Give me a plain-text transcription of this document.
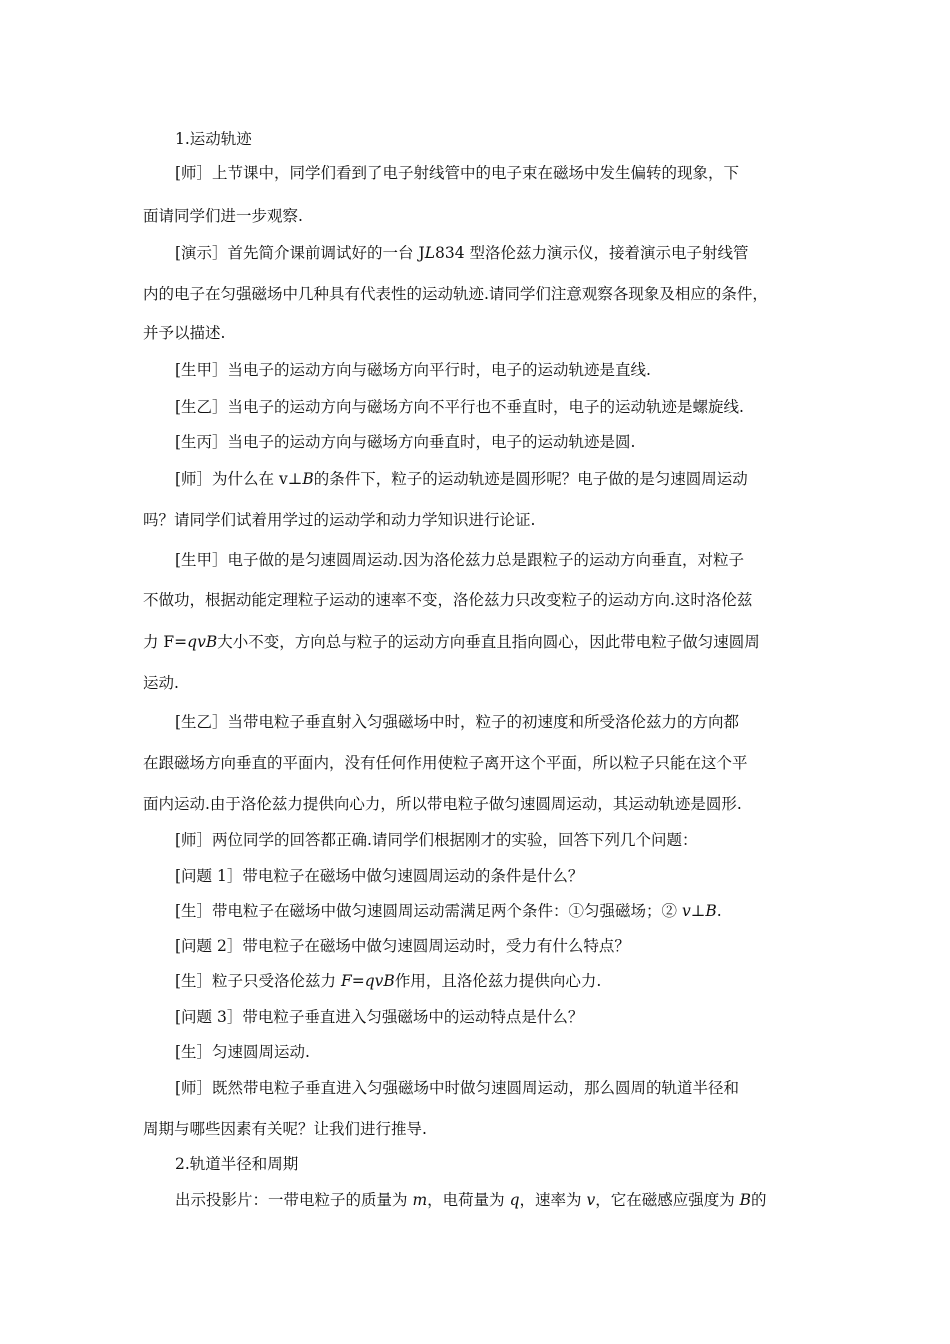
1.运动轨迹

[师］上节课中，同学们看到了电子射线管中的电子束在磁场中发生偏转的现象，下

面请同学们进一步观察.

[演示］首先简介课前调试好的一台 JL834 型洛伦兹力演示仪，接着演示电子射线管

内的电子在匀强磁场中几种具有代表性的运动轨迹.请同学们注意观察各现象及相应的条件，

并予以描述.

[生甲］当电子的运动方向与磁场方向平行时，电子的运动轨迹是直线.

[生乙］当电子的运动方向与磁场方向不平行也不垂直时，电子的运动轨迹是螺旋线.

[生丙］当电子的运动方向与磁场方向垂直时，电子的运动轨迹是圆.

[师］为什么在 v⊥B的条件下，粒子的运动轨迹是圆形呢？电子做的是匀速圆周运动

吗？请同学们试着用学过的运动学和动力学知识进行论证.

[生甲］电子做的是匀速圆周运动.因为洛伦兹力总是跟粒子的运动方向垂直，对粒子

不做功，根据动能定理粒子运动的速率不变，洛伦兹力只改变粒子的运动方向.这时洛伦兹

力 F=qvB大小不变，方向总与粒子的运动方向垂直且指向圆心，因此带电粒子做匀速圆周

运动.

[生乙］当带电粒子垂直射入匀强磁场中时，粒子的初速度和所受洛伦兹力的方向都

在跟磁场方向垂直的平面内，没有任何作用使粒子离开这个平面，所以粒子只能在这个平

面内运动.由于洛伦兹力提供向心力，所以带电粒子做匀速圆周运动，其运动轨迹是圆形.

[师］两位同学的回答都正确.请同学们根据刚才的实验，回答下列几个问题：

[问题 1］带电粒子在磁场中做匀速圆周运动的条件是什么？

[生］带电粒子在磁场中做匀速圆周运动需满足两个条件：①匀强磁场；② v⊥B.

[问题 2］带电粒子在磁场中做匀速圆周运动时，受力有什么特点？

[生］粒子只受洛伦兹力 F=qvB作用，且洛伦兹力提供向心力.

[问题 3］带电粒子垂直进入匀强磁场中的运动特点是什么？

[生］匀速圆周运动.

[师］既然带电粒子垂直进入匀强磁场中时做匀速圆周运动，那么圆周的轨道半径和

周期与哪些因素有关呢？让我们进行推导.

2.轨道半径和周期

出示投影片：一带电粒子的质量为 m，电荷量为 q，速率为 v，它在磁感应强度为 B的
